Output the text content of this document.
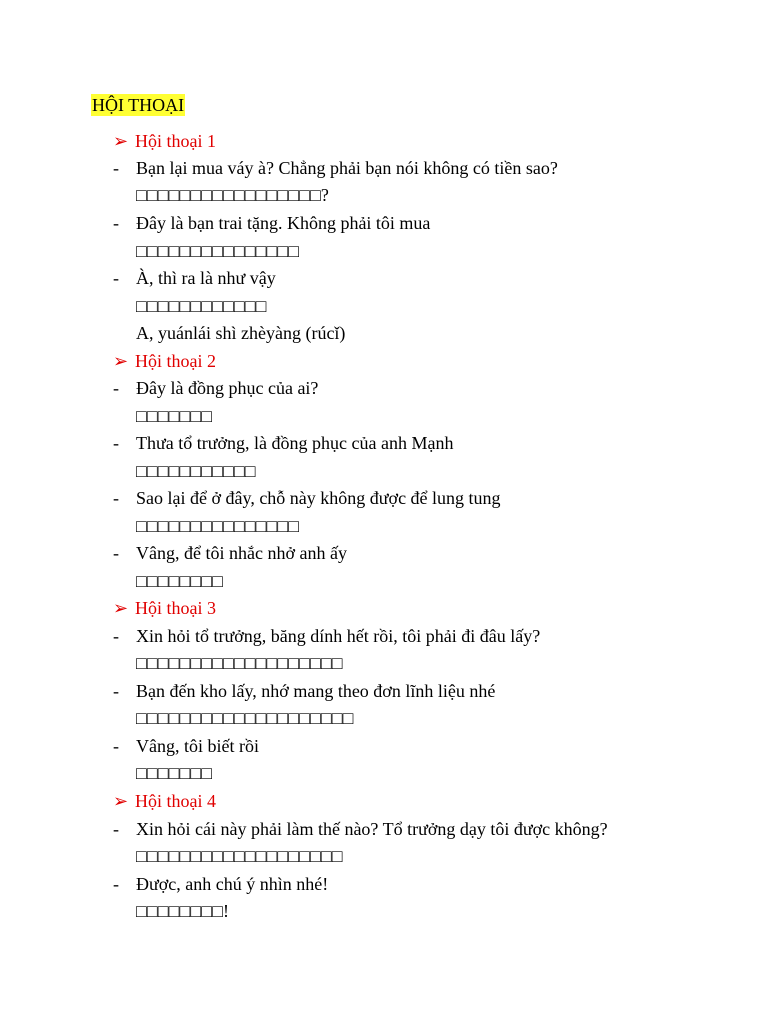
HỘI THOẠI
➢ Hội thoại 1
- Bạn lại mua váy à? Chẳng phải bạn nói không có tiền sao?
□□□□□□□□□□□□□□□□□?
- Đây là bạn trai tặng. Không phải tôi mua
□□□□□□□□□□□□□□□
- À, thì ra là như vậy
□□□□□□□□□□□□
A, yuánlái shì zhèyàng (rúcǐ)
➢ Hội thoại 2
- Đây là đồng phục của ai?
□□□□□□□
- Thưa tổ trưởng, là đồng phục của anh Mạnh
□□□□□□□□□□□
- Sao lại để ở đây, chỗ này không được để lung tung
□□□□□□□□□□□□□□□
- Vâng, để tôi nhắc nhở anh ấy
□□□□□□□□
➢ Hội thoại 3
- Xin hỏi tổ trưởng, băng dính hết rồi, tôi phải đi đâu lấy?
□□□□□□□□□□□□□□□□□□□
- Bạn đến kho lấy, nhớ mang theo đơn lĩnh liệu nhé
□□□□□□□□□□□□□□□□□□□□
- Vâng, tôi biết rồi
□□□□□□□
➢ Hội thoại 4
- Xin hỏi cái này phải làm thế nào? Tổ trưởng dạy tôi được không?
□□□□□□□□□□□□□□□□□□□
- Được, anh chú ý nhìn nhé!
□□□□□□□□!
